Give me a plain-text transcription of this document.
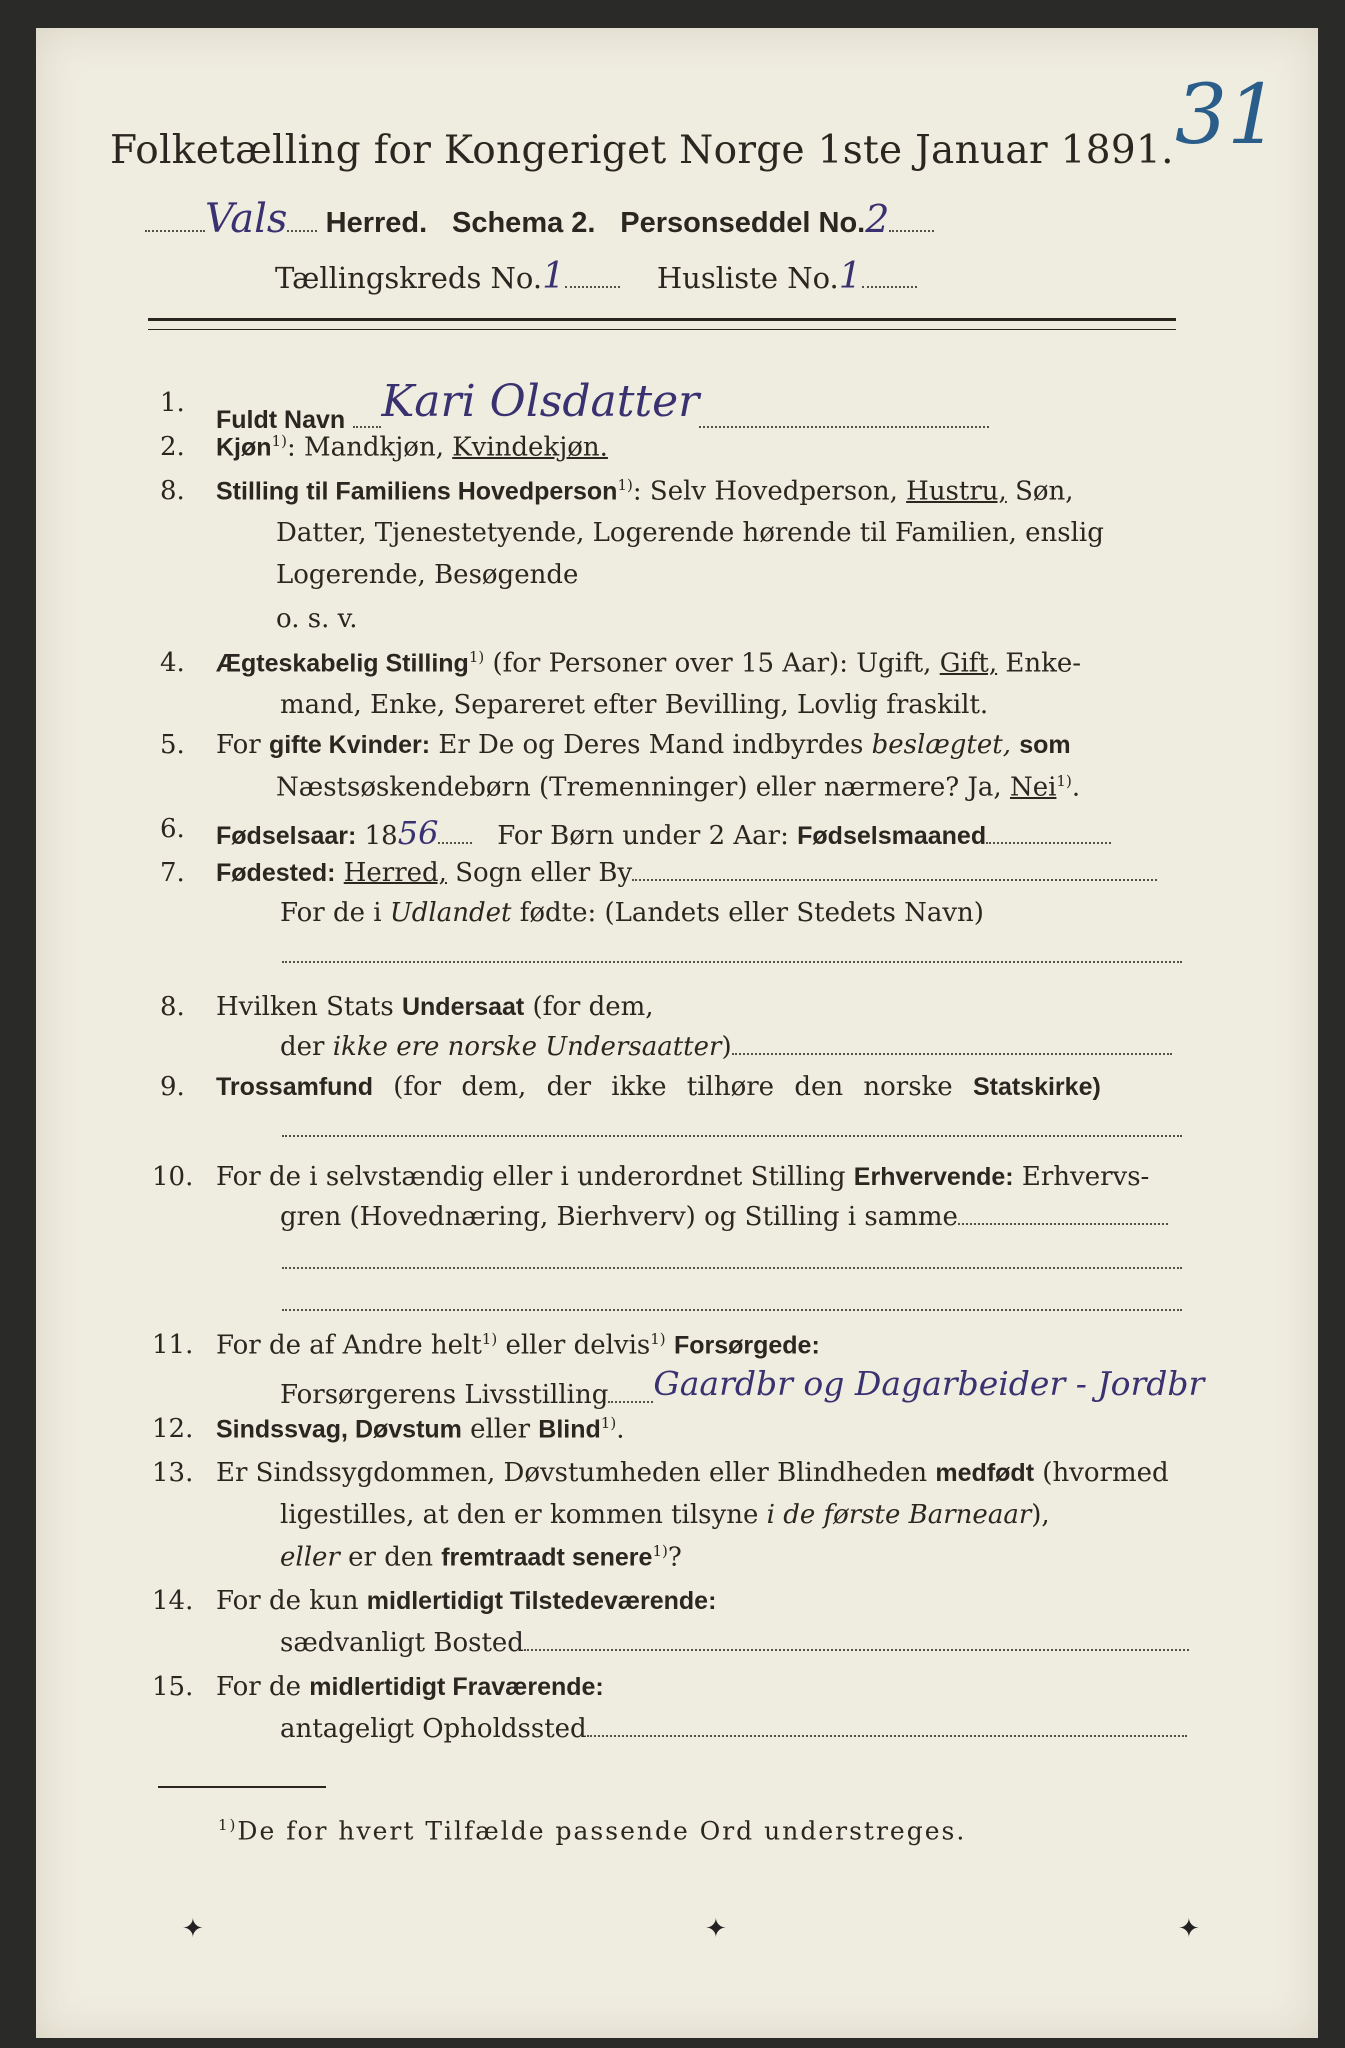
31
Folketælling for Kongeriget Norge 1ste Januar 1891.
Vals Herred. Schema 2. Personseddel No.2
Tællingskreds No.1	Husliste No.1
1.
Fuldt Navn Kari Olsdatter
2. Kjøn$^{1)}$: Mandkjøn, Kvindekjøn.
8. Stilling til Familiens Hovedperson$^{1)}$: Selv Hovedperson, Hustru, Søn,
Datter, Tjenestetyende, Logerende hørende til Familien, enslig
Logerende, Besøgende
o. s. v.
4. Ægteskabelig Stilling$^{1)}$ (for Personer over 15 Aar): Ugift, Gift, Enke-
mand, Enke, Separeret efter Bevilling, Lovlig fraskilt.
5. For gifte Kvinder: Er De og Deres Mand indbyrdes beslægtet, som
Næstsøskendebørn (Tremenninger) eller nærmere? Ja, Nei$^{1)}$.
6. Fødselsaar: 1856 For Børn under 2 Aar: Fødselsmaaned
7. Fødested: Herred, Sogn eller By
For de i Udlandet fødte: (Landets eller Stedets Navn)
8. Hvilken Stats Undersaat (for dem,
der ikke ere norske Undersaatter)
9. Trossamfund (for dem, der ikke tilhøre den norske Statskirke)
10. For de i selvstændig eller i underordnet Stilling Erhvervende: Erhvervs-
gren (Hovednæring, Bierhverv) og Stilling i samme
11. For de af Andre helt$^{1)}$ eller delvis$^{1)}$ Forsørgede:
Forsørgerens Livsstilling Gaardbr og Dagarbeider - Jordbr
12. Sindssvag, Døvstum eller Blind$^{1)}$.
13. Er Sindssygdommen, Døvstumheden eller Blindheden medfødt (hvormed
ligestilles, at den er kommen tilsyne i de første Barneaar),
eller er den fremtraadt senere$^{1)}$?
14. For de kun midlertidigt Tilstedeværende:
sædvanligt Bosted
15. For de midlertidigt Fraværende:
antageligt Opholdssted
$^{1)}$De for hvert Tilfælde passende Ord understreges.
✦	✦	✦
